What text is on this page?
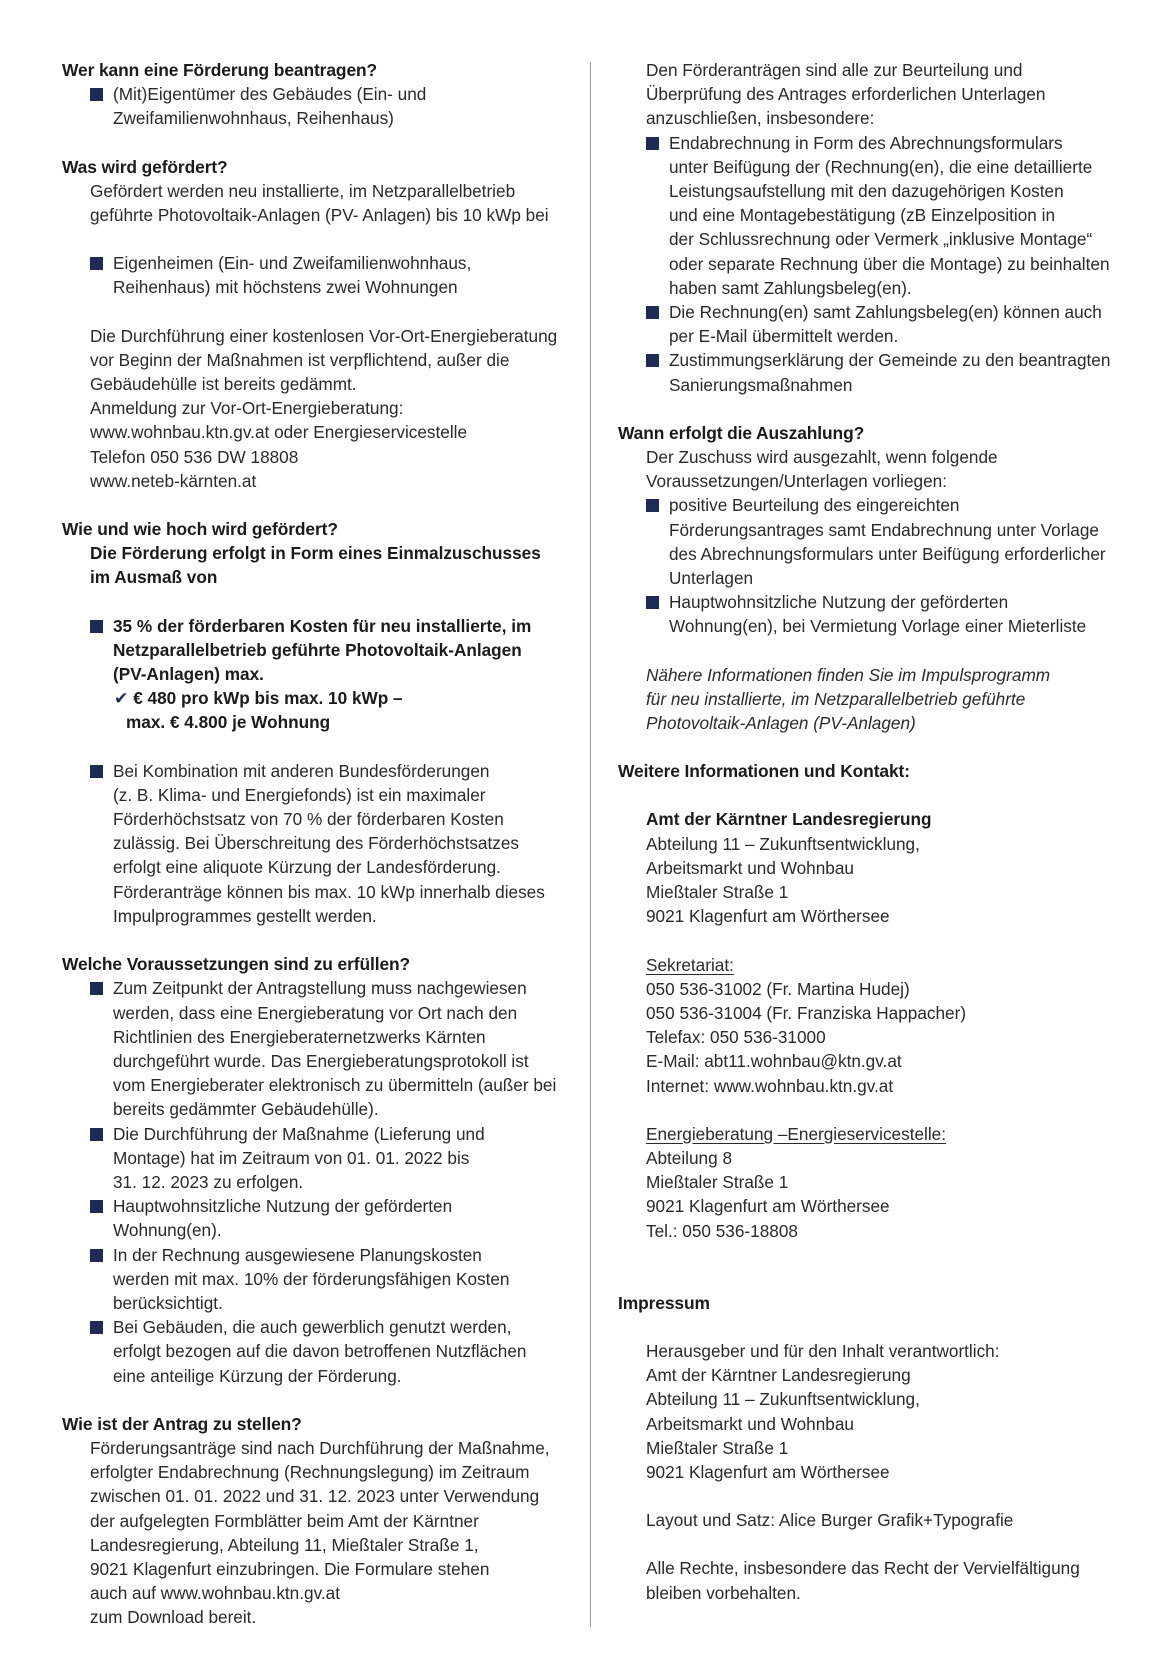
Wer kann eine Förderung beantragen?
(Mit)Eigentümer des Gebäudes (Ein- und
Zweifamilienwohnhaus, Reihenhaus)
Was wird gefördert?
Gefördert werden neu installierte, im Netzparallelbetrieb
geführte Photovoltaik-Anlagen (PV- Anlagen) bis 10 kWp bei
Eigenheimen (Ein- und Zweifamilienwohnhaus,
Reihenhaus) mit höchstens zwei Wohnungen
Die Durchführung einer kostenlosen Vor-Ort-Energieberatung
vor Beginn der Maßnahmen ist verpflichtend, außer die
Gebäudehülle ist bereits gedämmt.
Anmeldung zur Vor-Ort-Energieberatung:
www.wohnbau.ktn.gv.at oder Energieservicestelle
Telefon 050 536 DW 18808
www.neteb-kärnten.at
Wie und wie hoch wird gefördert?
Die Förderung erfolgt in Form eines Einmalzuschusses
im Ausmaß von
35 % der förderbaren Kosten für neu installierte, im
Netzparallelbetrieb geführte Photovoltaik-Anlagen
(PV-Anlagen) max.
✔ € 480 pro kWp bis max. 10 kWp –
max. € 4.800 je Wohnung
Bei Kombination mit anderen Bundesförderungen
(z. B. Klima- und Energiefonds) ist ein maximaler
Förderhöchstsatz von 70 % der förderbaren Kosten
zulässig. Bei Überschreitung des Förderhöchstsatzes
erfolgt eine aliquote Kürzung der Landesförderung.
Förderanträge können bis max. 10 kWp innerhalb dieses
Impulprogrammes gestellt werden.
Welche Voraussetzungen sind zu erfüllen?
Zum Zeitpunkt der Antragstellung muss nachgewiesen
werden, dass eine Energieberatung vor Ort nach den
Richtlinien des Energieberaternetzwerks Kärnten
durchgeführt wurde. Das Energieberatungsprotokoll ist
vom Energieberater elektronisch zu übermitteln (außer bei
bereits gedämmter Gebäudehülle).
Die Durchführung der Maßnahme (Lieferung und
Montage) hat im Zeitraum von 01. 01. 2022 bis
31. 12. 2023 zu erfolgen.
Hauptwohnsitzliche Nutzung der geförderten
Wohnung(en).
In der Rechnung ausgewiesene Planungskosten
werden mit max. 10% der förderungsfähigen Kosten
berücksichtigt.
Bei Gebäuden, die auch gewerblich genutzt werden,
erfolgt bezogen auf die davon betroffenen Nutzflächen
eine anteilige Kürzung der Förderung.
Wie ist der Antrag zu stellen?
Förderungsanträge sind nach Durchführung der Maßnahme,
erfolgter Endabrechnung (Rechnungslegung) im Zeitraum
zwischen 01. 01. 2022 und 31. 12. 2023 unter Verwendung
der aufgelegten Formblätter beim Amt der Kärntner
Landesregierung, Abteilung 11, Mießtaler Straße 1,
9021 Klagenfurt einzubringen. Die Formulare stehen
auch auf www.wohnbau.ktn.gv.at
zum Download bereit.
Den Förderanträgen sind alle zur Beurteilung und
Überprüfung des Antrages erforderlichen Unterlagen
anzuschließen, insbesondere:
Endabrechnung in Form des Abrechnungsformulars
unter Beifügung der (Rechnung(en), die eine detaillierte
Leistungsaufstellung mit den dazugehörigen Kosten
und eine Montagebestätigung (zB Einzelposition in
der Schlussrechnung oder Vermerk „inklusive Montage“
oder separate Rechnung über die Montage) zu beinhalten
haben samt Zahlungsbeleg(en).
Die Rechnung(en) samt Zahlungsbeleg(en) können auch
per E-Mail übermittelt werden.
Zustimmungserklärung der Gemeinde zu den beantragten
Sanierungsmaßnahmen
Wann erfolgt die Auszahlung?
Der Zuschuss wird ausgezahlt, wenn folgende
Voraussetzungen/Unterlagen vorliegen:
positive Beurteilung des eingereichten
Förderungsantrages samt Endabrechnung unter Vorlage
des Abrechnungsformulars unter Beifügung erforderlicher
Unterlagen
Hauptwohnsitzliche Nutzung der geförderten
Wohnung(en), bei Vermietung Vorlage einer Mieterliste
Nähere Informationen finden Sie im Impulsprogramm
für neu installierte, im Netzparallelbetrieb geführte
Photovoltaik-Anlagen (PV-Anlagen)
Weitere Informationen und Kontakt:
Amt der Kärntner Landesregierung
Abteilung 11 – Zukunftsentwicklung,
Arbeitsmarkt und Wohnbau
Mießtaler Straße 1
9021 Klagenfurt am Wörthersee
Sekretariat:
050 536-31002 (Fr. Martina Hudej)
050 536-31004 (Fr. Franziska Happacher)
Telefax: 050 536-31000
E-Mail: abt11.wohnbau@ktn.gv.at
Internet: www.wohnbau.ktn.gv.at
Energieberatung –Energieservicestelle:
Abteilung 8
Mießtaler Straße 1
9021 Klagenfurt am Wörthersee
Tel.: 050 536-18808
Impressum
Herausgeber und für den Inhalt verantwortlich:
Amt der Kärntner Landesregierung
Abteilung 11 – Zukunftsentwicklung,
Arbeitsmarkt und Wohnbau
Mießtaler Straße 1
9021 Klagenfurt am Wörthersee
Layout und Satz: Alice Burger Grafik+Typografie
Alle Rechte, insbesondere das Recht der Vervielfältigung
bleiben vorbehalten.
